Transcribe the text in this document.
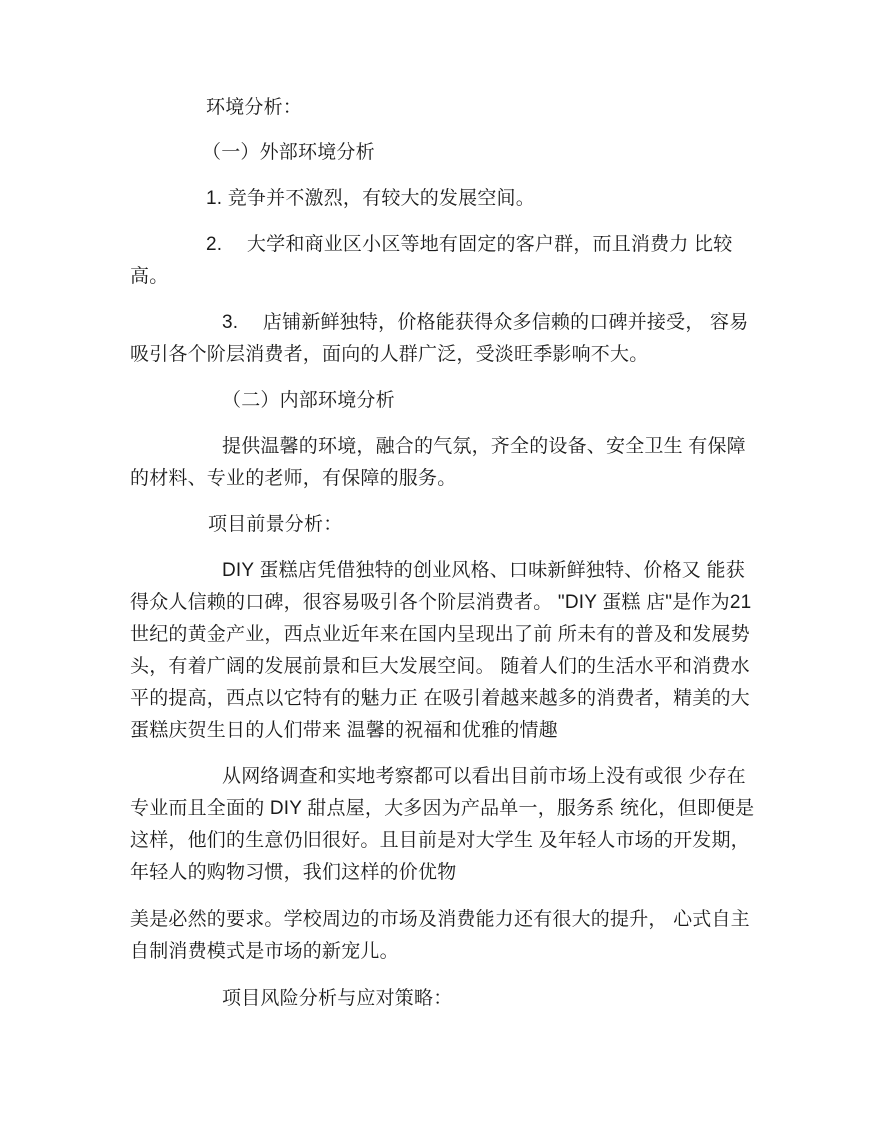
环境分析：

（一）外部环境分析

1. 竞争并不激烈，有较大的发展空间。

2.　 大学和商业区小区等地有固定的客户群，而且消费力 比较高。

3.　 店铺新鲜独特，价格能获得众多信赖的口碑并接受， 容易吸引各个阶层消费者，面向的人群广泛，受淡旺季影响不大。

（二）内部环境分析

提供温馨的环境，融合的气氛，齐全的设备、安全卫生 有保障的材料、专业的老师，有保障的服务。

项目前景分析：

DIY 蛋糕店凭借独特的创业风格、口味新鲜独特、价格又 能获得众人信赖的口碑，很容易吸引各个阶层消费者。 "DIY 蛋糕 店"是作为21 世纪的黄金产业，西点业近年来在国内呈现出了前 所未有的普及和发展势头，有着广阔的发展前景和巨大发展空间。 随着人们的生活水平和消费水平的提高，西点以它特有的魅力正 在吸引着越来越多的消费者，精美的大蛋糕庆贺生日的人们带来 温馨的祝福和优雅的情趣

从网络调查和实地考察都可以看出目前市场上没有或很 少存在专业而且全面的 DIY 甜点屋，大多因为产品单一，服务系 统化，但即便是这样，他们的生意仍旧很好。且目前是对大学生 及年轻人市场的开发期，年轻人的购物习惯，我们这样的价优物

美是必然的要求。学校周边的市场及消费能力还有很大的提升， 心式自主自制消费模式是市场的新宠儿。

项目风险分析与应对策略：
